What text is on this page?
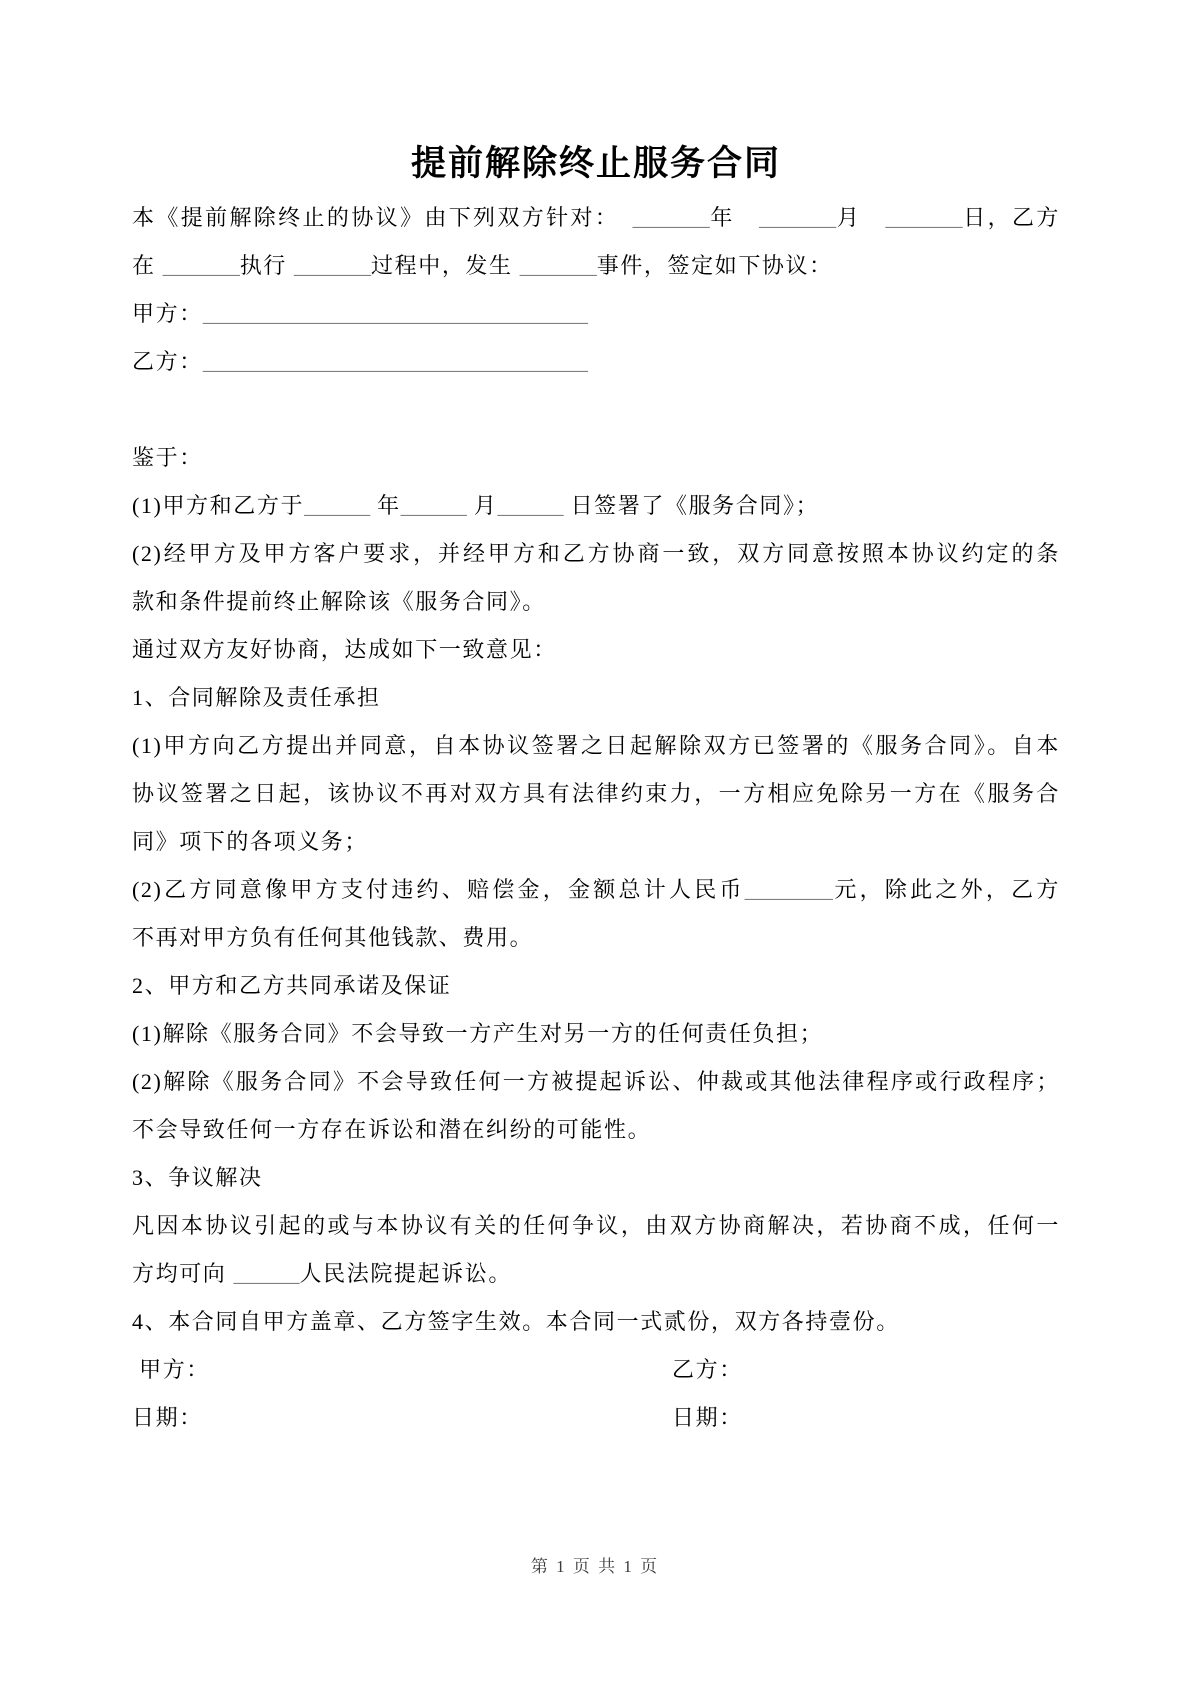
提前解除终止服务合同
本《提前解除终止的协议》由下列双方针对：　_______年　_______月　_______日，乙方
在 _______执行 _______过程中，发生 _______事件，签定如下协议：
甲方：___________________________________
乙方：___________________________________

鉴于：
(1)甲方和乙方于______ 年______ 月______ 日签署了《服务合同》；
(2)经甲方及甲方客户要求，并经甲方和乙方协商一致，双方同意按照本协议约定的条
款和条件提前终止解除该《服务合同》。
通过双方友好协商，达成如下一致意见：
1、合同解除及责任承担
(1)甲方向乙方提出并同意，自本协议签署之日起解除双方已签署的《服务合同》。自本
协议签署之日起，该协议不再对双方具有法律约束力，一方相应免除另一方在《服务合
同》项下的各项义务；
(2)乙方同意像甲方支付违约、赔偿金，金额总计人民币________元，除此之外，乙方
不再对甲方负有任何其他钱款、费用。
2、甲方和乙方共同承诺及保证
(1)解除《服务合同》不会导致一方产生对另一方的任何责任负担；
(2)解除《服务合同》不会导致任何一方被提起诉讼、仲裁或其他法律程序或行政程序；
不会导致任何一方存在诉讼和潜在纠纷的可能性。
3、争议解决
凡因本协议引起的或与本协议有关的任何争议，由双方协商解决，若协商不成，任何一
方均可向 ______人民法院提起诉讼。
4、本合同自甲方盖章、乙方签字生效。本合同一式贰份，双方各持壹份。
甲方：	乙方：
日期：	日期：
第 1 页 共 1 页
